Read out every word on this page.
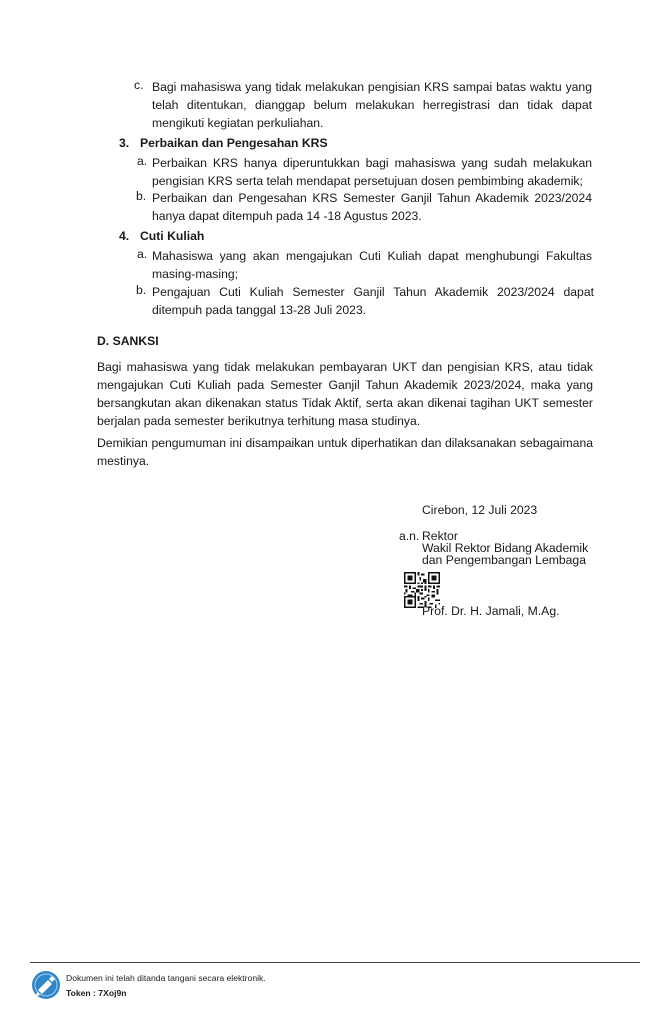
c. Bagi mahasiswa yang tidak melakukan pengisian KRS sampai batas waktu yang telah ditentukan, dianggap belum melakukan herregistrasi dan tidak dapat mengikuti kegiatan perkuliahan.

3. Perbaikan dan Pengesahan KRS
a. Perbaikan KRS hanya diperuntukkan bagi mahasiswa yang sudah melakukan pengisian KRS serta telah mendapat persetujuan dosen pembimbing akademik;

b. Perbaikan dan Pengesahan KRS Semester Ganjil Tahun Akademik 2023/2024 hanya dapat ditempuh pada 14 -18 Agustus 2023.

4. Cuti Kuliah
a. Mahasiswa yang akan mengajukan Cuti Kuliah dapat menghubungi Fakultas masing-masing;

b. Pengajuan Cuti Kuliah Semester Ganjil Tahun Akademik 2023/2024 dapat ditempuh pada tanggal 13-28 Juli 2023.

D. SANKSI

Bagi mahasiswa yang tidak melakukan pembayaran UKT dan pengisian KRS, atau tidak mengajukan Cuti Kuliah pada Semester Ganjil Tahun Akademik 2023/2024, maka yang bersangkutan akan dikenakan status Tidak Aktif, serta akan dikenai tagihan UKT semester berjalan pada semester berikutnya terhitung masa studinya.

Demikian pengumuman ini disampaikan untuk diperhatikan dan dilaksanakan sebagaimana mestinya.

Cirebon, 12 Juli 2023
a.n. Rektor
Wakil Rektor Bidang Akademik
dan Pengembangan Lembaga
Prof. Dr. H. Jamali, M.Ag.
Dokumen ini telah ditanda tangani secara elektronik.
Token : 7Xoj9n
